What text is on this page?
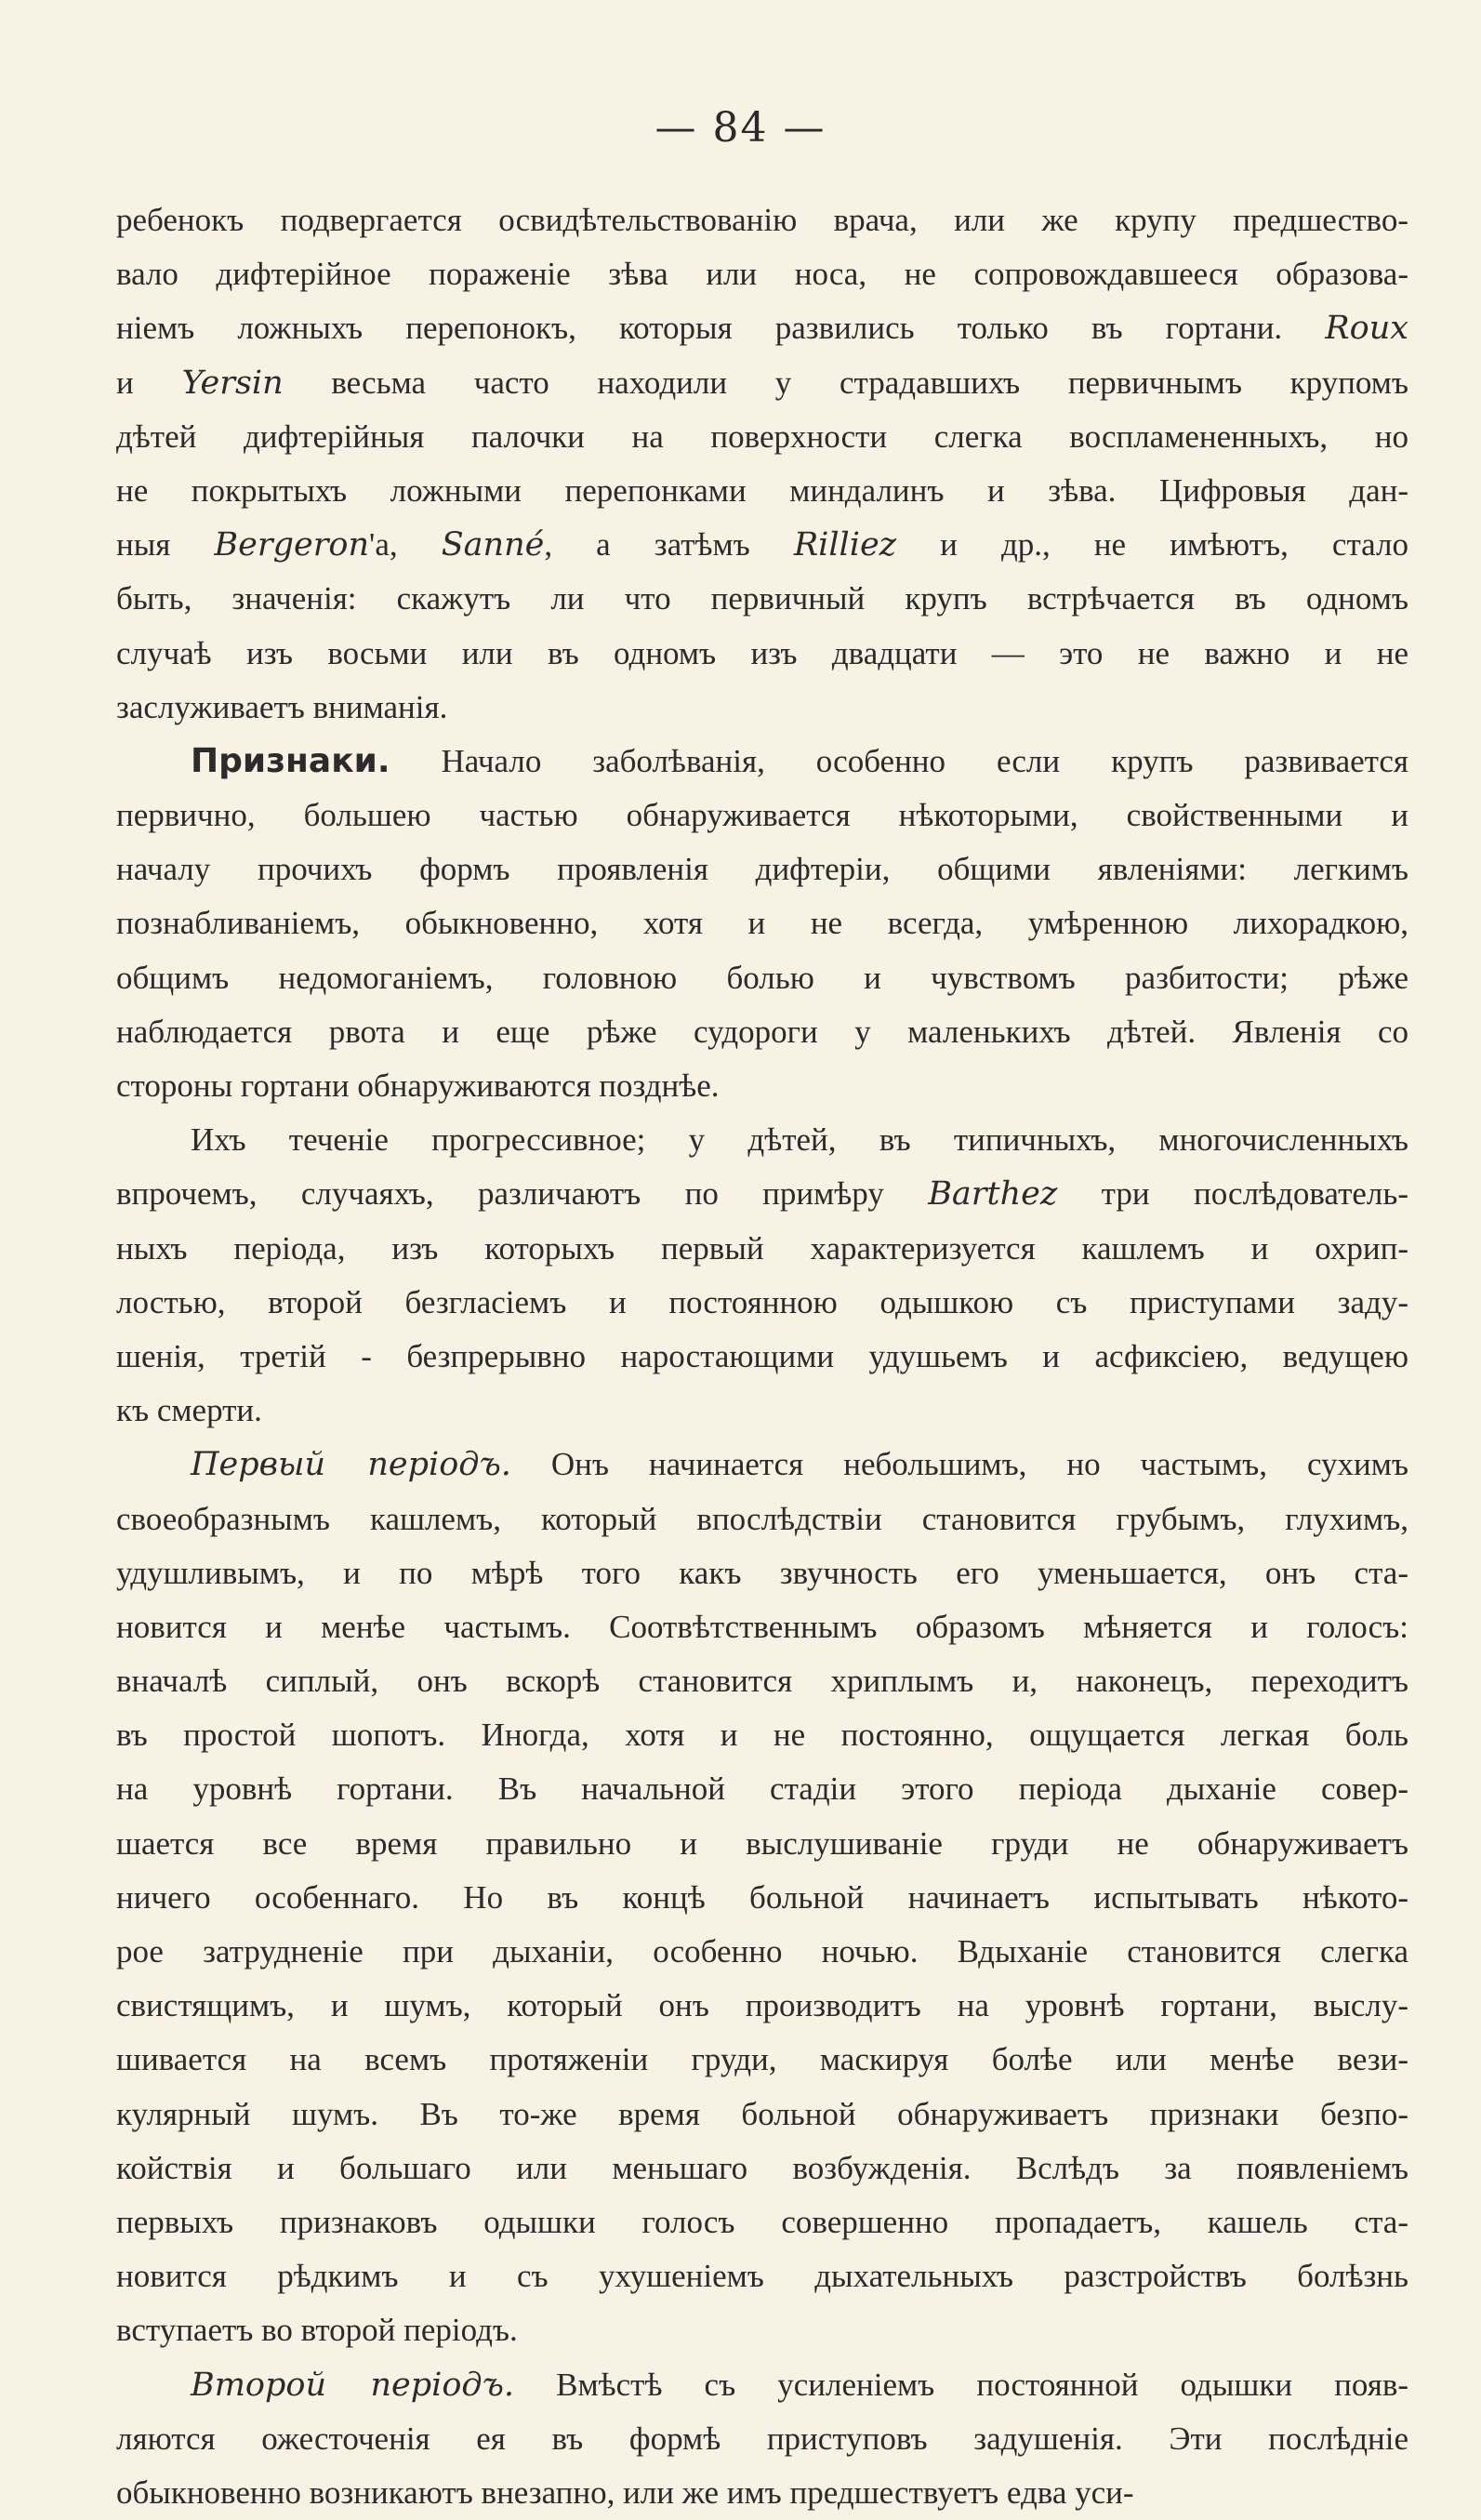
— 84 —
ребенокъ подвергается освидѣтельствованію врача, или же крупу предшество-
вало дифтерійное пораженіе зѣва или носа, не сопровождавшееся образова-
ніемъ ложныхъ перепонокъ, которыя развились только въ гортани. Roux
и Yersin весьма часто находили у страдавшихъ первичнымъ крупомъ
дѣтей дифтерійныя палочки на поверхности слегка воспламененныхъ, но
не покрытыхъ ложными перепонками миндалинъ и зѣва. Цифровыя дан-
ныя Bergeron'а, Sanné, а затѣмъ Rilliez и др., не имѣютъ, стало
быть, значенія: скажутъ ли что первичный крупъ встрѣчается въ одномъ
случаѣ изъ восьми или въ одномъ изъ двадцати — это не важно и не
заслуживаетъ вниманія.
Признаки. Начало заболѣванія, особенно если крупъ развивается
первично, большею частью обнаруживается нѣкоторыми, свойственными и
началу прочихъ формъ проявленія дифтеріи, общими явленіями: легкимъ
познабливаніемъ, обыкновенно, хотя и не всегда, умѣренною лихорадкою,
общимъ недомоганіемъ, головною болью и чувствомъ разбитости; рѣже
наблюдается рвота и еще рѣже судороги у маленькихъ дѣтей. Явленія со
стороны гортани обнаруживаются позднѣе.
Ихъ теченіе прогрессивное; у дѣтей, въ типичныхъ, многочисленныхъ
впрочемъ, случаяхъ, различаютъ по примѣру Barthez три послѣдователь-
ныхъ періода, изъ которыхъ первый характеризуется кашлемъ и охрип-
лостью, второй безгласіемъ и постоянною одышкою съ приступами заду-
шенія, третій - безпрерывно наростающими удушьемъ и асфиксіею, ведущею
къ смерти.
Первый періодъ. Онъ начинается небольшимъ, но частымъ, сухимъ
своеобразнымъ кашлемъ, который впослѣдствіи становится грубымъ, глухимъ,
удушливымъ, и по мѣрѣ того какъ звучность его уменьшается, онъ ста-
новится и менѣе частымъ. Соотвѣтственнымъ образомъ мѣняется и голосъ:
вначалѣ сиплый, онъ вскорѣ становится хриплымъ и, наконецъ, переходитъ
въ простой шопотъ. Иногда, хотя и не постоянно, ощущается легкая боль
на уровнѣ гортани. Въ начальной стадіи этого періода дыханіе совер-
шается все время правильно и выслушиваніе груди не обнаруживаетъ
ничего особеннаго. Но въ концѣ больной начинаетъ испытывать нѣкото-
рое затрудненіе при дыханіи, особенно ночью. Вдыханіе становится слегка
свистящимъ, и шумъ, который онъ производитъ на уровнѣ гортани, выслу-
шивается на всемъ протяженіи груди, маскируя болѣе или менѣе вези-
кулярный шумъ. Въ то-же время больной обнаруживаетъ признаки безпо-
койствія и большаго или меньшаго возбужденія. Вслѣдъ за появленіемъ
первыхъ признаковъ одышки голосъ совершенно пропадаетъ, кашель ста-
новится рѣдкимъ и съ ухушеніемъ дыхательныхъ разстройствъ болѣзнь
вступаетъ во второй періодъ.
Второй періодъ. Вмѣстѣ съ усиленіемъ постоянной одышки появ-
ляются ожесточенія ея въ формѣ приступовъ задушенія. Эти послѣдніе
обыкновенно возникаютъ внезапно, или же имъ предшествуетъ едва уси-
